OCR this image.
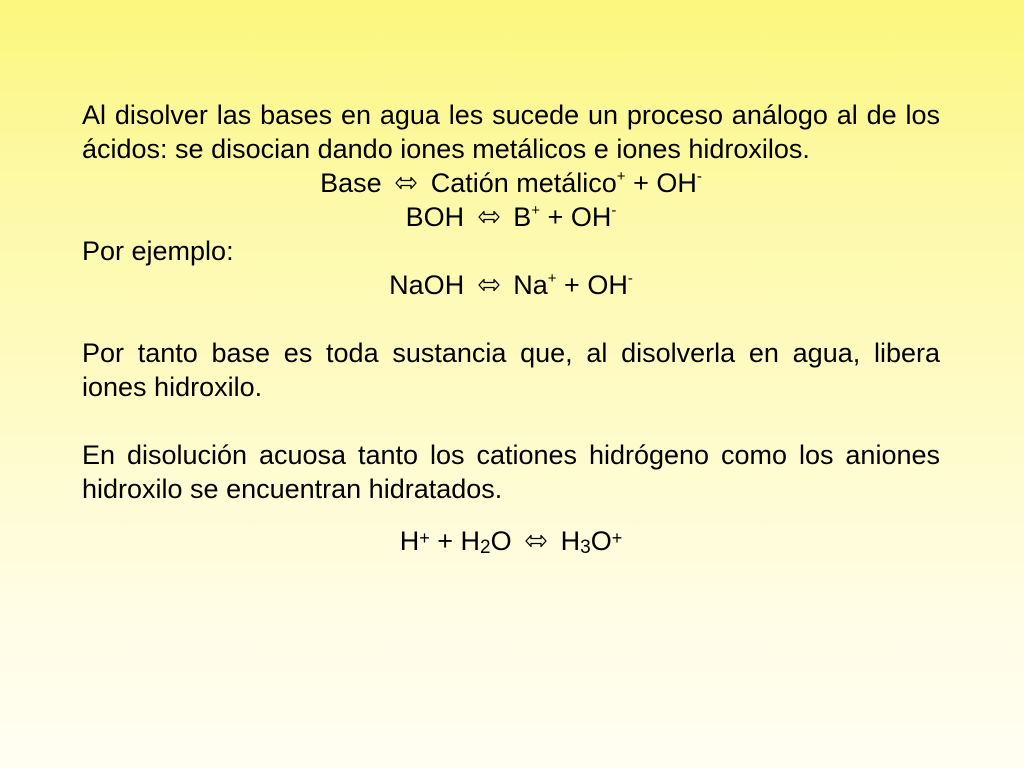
Al disolver las bases en agua les sucede un proceso análogo al de los ácidos: se disocian dando iones metálicos e iones hidroxilos.

Base Catión metálico+ + OH-

BOH B+ + OH-

Por ejemplo:

NaOH Na+ + OH-

Por tanto base es toda sustancia que, al disolverla en agua, libera iones hidroxilo.

En disolución acuosa tanto los cationes hidrógeno como los aniones hidroxilo se encuentran hidratados.

H+ + H2O H3O+
